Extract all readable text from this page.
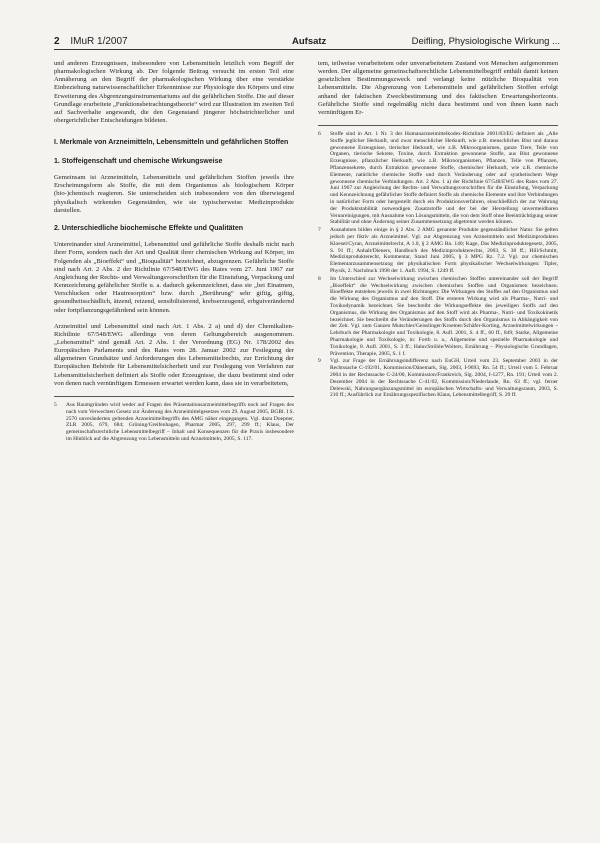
2 IMuR 1/2007	Aufsatz	Deifling, Physiologische Wirkung ...

und anderen Erzeugnissen, insbesondere von Lebensmitteln letztlich vom Begriff der pharmakologischen Wirkung ab. Der folgende Beitrag versucht im ersten Teil eine Annäherung an den Begriff der pharmakologischen Wirkung über eine verstärkte Einbeziehung naturwissenschaftlicher Erkenntnisse zur Physiologie des Körpers und eine Erweiterung des Abgrenzungsinstrumentariums auf die gefährlichen Stoffe. Die auf dieser Grundlage erarbeitete „Funktionsbetrachtungstheorie“ wird zur Illustration im zweiten Teil auf Sachverhalte angewandt, die den Gegenstand jüngerer höchstrichterlicher und obergerichtlicher Entscheidungen bildeten.

I. Merkmale von Arzneimitteln, Lebensmitteln und gefährlichen Stoffen
1. Stoffeigenschaft und chemische Wirkungsweise

Gemeinsam ist Arzneimitteln, Lebensmitteln und gefährlichen Stoffen jeweils ihre Erscheinungsform als Stoffe, die mit dem Organismus als biologischem Körper (bio-)chemisch reagieren. Sie unterscheiden sich insbesondere von den überwiegend physikalisch wirkenden Gegenständen, wie sie typischerweise Medizinprodukte darstellen.

2. Unterschiedliche biochemische Effekte und Qualitäten

Untereinander sind Arzneimittel, Lebensmittel und gefährliche Stoffe deshalb nicht nach ihrer Form, sondern nach der Art und Qualität ihrer chemischen Wirkung auf Körper, im Folgenden als „Bioeffekt“ und „Bioqualität“ bezeichnet, abzugrenzen. Gefährliche Stoffe sind nach Art. 2 Abs. 2 der Richtlinie 67/548/EWG des Rates vom 27. Juni 1967 zur Angleichung der Rechts- und Verwaltungsvorschriften für die Einstufung, Verpackung und Kennzeichnung gefährlicher Stoffe u. a. dadurch gekennzeichnet, dass sie „bei Einatmen, Verschlucken oder Hautresorption“ bzw. durch „Berührung“ sehr giftig, giftig, gesundheitsschädlich, ätzend, reizend, sensibilisierend, krebserzeugend, erbgutverändernd oder fortpflanzungsgefährdend sein können.

Arzneimittel und Lebensmittel sind nach Art. 1 Abs. 2 a) und d) der Chemikalien-Richtlinie 67/548/EWG allerdings von deren Geltungsbereich ausgenommen. „Lebensmittel“ sind gemäß Art. 2 Abs. 1 der Verordnung (EG) Nr. 178/2002 des Europäischen Parlaments und des Rates vom 28. Januar 2002 zur Festlegung der allgemeinen Grundsätze und Anforderungen des Lebensmittelrechts, zur Errichtung der Europäischen Behörde für Lebensmittelsicherheit und zur Festlegung von Verfahren zur Lebensmittelsicherheit definiert als Stoffe oder Erzeugnisse, die dazu bestimmt sind oder von denen nach vernünftigem Ermessen erwartet werden kann, dass sie in verarbeitetem,

5	Aus Raumgründen wird weder auf Fragen des Präsentationsarzneimittelbegriffs noch auf Fragen des nach vom Verwechten Gesetz zur Änderung des Arzneimittelgesetzes vom 29. August 2005, BGBl. I S. 2570 unveränderten geltenden Arzneimittelbegriffs des AMG näher eingegangen. Vgl. dazu Doepner, ZLR 2005, 679, 684; Gröning/Greifenhagen, Pharmar 2005, 297, 299 ff.; Klaus, Der gemeinschaftsrechtliche Lebensmittelbegriff – Inhalt und Konsequenzen für die Praxis insbesondere im Hinblick auf die Abgrenzung von Lebensmitteln und Arzneimitteln, 2005, S. 117.

tem, teilweise verarbeitetem oder unverarbeitetem Zustand von Menschen aufgenommen werden. Der allgemeine gemeinschaftsrechtliche Lebensmittelbegriff enthält damit keinen gesetzlichen Bestimmungszweck und verlangt keine nützliche Bioqualität von Lebensmitteln. Die Abgrenzung von Lebensmitteln und gefährlichen Stoffen erfolgt anhand der faktischen Zweckbestimmung und des faktischen Erwartungshorizonts. Gefährliche Stoffe sind regelmäßig nicht dazu bestimmt und von ihnen kann nach vernünftigem Er-

6	Stoffe sind in Art. 1 Nr. 3 der Humanarzneimittelkodex-Richtlinie 2001/83/EG definiert als „Alle Stoffe jeglicher Herkunft, und zwar menschlicher Herkunft, wie z.B. menschliches Blut und daraus gewonnene Erzeugnisse, tierischer Herkunft, wie z.B. Mikroorganismen, ganze Tiere, Teile von Organen, tierische Sekrete, Toxine, durch Extraktion gewonnene Stoffe, aus Blut gewonnene Erzeugnisse, pflanzlicher Herkunft, wie z.B. Mikroorganismen, Pflanzen, Teile von Pflanzen, Pflanzensekrete, durch Extraktion gewonnene Stoffe, chemischer Herkunft, wie z.B. chemische Elemente, natürliche chemische Stoffe und durch Veränderung oder auf synthetischem Wege gewonnene chemische Verbindungen. Art. 2 Abs. 1 a) der Richtlinie 67/548/EWG des Rates vom 27. Juni 1967 zur Angleichung der Rechts- und Verwaltungsvorschriften für die Einstufung, Verpackung und Kennzeichnung gefährlicher Stoffe definiert Stoffe als chemische Elemente und ihre Verbindungen in natürlicher Form oder hergestellt durch ein Produktionsverfahren, einschließlich der zur Wahrung der Produktstabilität notwendigen Zusatzstoffe und der bei der Herstellung unvermeidbaren Verunreinigungen, mit Ausnahme von Lösungsmitteln, die von dem Stoff ohne Beeinträchtigung seiner Stabilität und ohne Änderung seiner Zusammensetzung abgetrennt werden können.
7	Ausnahmen bilden einige in § 2 Abs. 2 AMG genannte Produkte gegenständlicher Natur. Sie gelten jedoch per fiktiv als Arzneimittel. Vgl. zur Abgrenzung von Arzneimitteln und Medizinprodukten Kloesel/Cyran, Arzneimittelrecht, A 1.0, § 2 AMG Rn. 140; Kage, Das Medizinproduktegesetz, 2005, S. 91 ff.; Anhalt/Dieners, Handbuch des Medizinprodukterechts, 2003, S. 38 ff.; Hill/Schmitt, Medizinprodukterecht, Kommentar, Stand Juni 2005, § 3 MPG Rz. 7.2. Vgl. zur chemischen Elementarzusammensetzung der physikalischen Form physikalischer Wechselwirkungen: Tipler, Physik, 2. Nachdruck 1998 der 1. Aufl. 1994, S. 1249 ff.
8	Im Unterschied zur Wechselwirkung zwischen chemischen Stoffen untereinander soll der Begriff „Bioeffekt“ die Wechselwirkung zwischen chemischen Stoffen und Organismen bezeichnen. Bioeffekte entstehen jeweils in zwei Richtungen: Die Wirkungen des Stoffes auf den Organismus und die Wirkung des Organismus auf den Stoff. Die ersteren Wirkung wird als Pharma-, Nutri- und Toxikodynamik bezeichnet. Sie beschreibt die Wirkungseffekte des jeweiligen Stoffs auf den Organismus, die Wirkung des Organismus auf den Stoff wird als Pharma-, Nutri- und Toxikokinetik bezeichnet. Sie beschreibt die Veränderungen des Stoffs durch den Organismus in Abhängigkeit von der Zeit. Vgl. zum Ganzen Mutschler/Geisslinger/Kroemer/Schäfer-Korting, Arzneimittelwirkungen – Lehrbuch der Pharmakologie und Toxikologie, 8. Aufl. 2001, S. 4 ff., 60 ff., 849; Starke, Allgemeine Pharmakologie und Toxikologie, in: Forth u. a., Allgemeine und spezielle Pharmakologie und Toxikologie, 8. Aufl. 2001, S. 3 ff.; Hahn/Ströhle/Wolters, Ernährung – Physiologische Grundlagen, Prävention, Therapie, 2005, S. 1 f.
9	Vgl. zur Frage der Ernährungsindifferenz nach EuGH, Urteil vom 23. September 2003 in der Rechtssache C-192/01, Kommission/Dänemark, Slg. 2003, I-9693, Rn. 54 ff.; Urteil vom 5. Februar 2004 in der Rechtssache C-24/00, Kommission/Frankreich, Slg. 2004, I-1277, Rn. 191; Urteil vom 2. Dezember 2004 in der Rechtssache C-41/02, Kommission/Niederlande, Rn. 63 ff.; vgl. ferner Delewski, Nahrungsergänzungsmittel im europäischen Wirtschafts- und Verwaltungsraum, 2003, S. 210 ff.; Ausführlich zur Ernährungsspezifischen Klaus, Lebensmittelbegriff, S. 29 ff.
